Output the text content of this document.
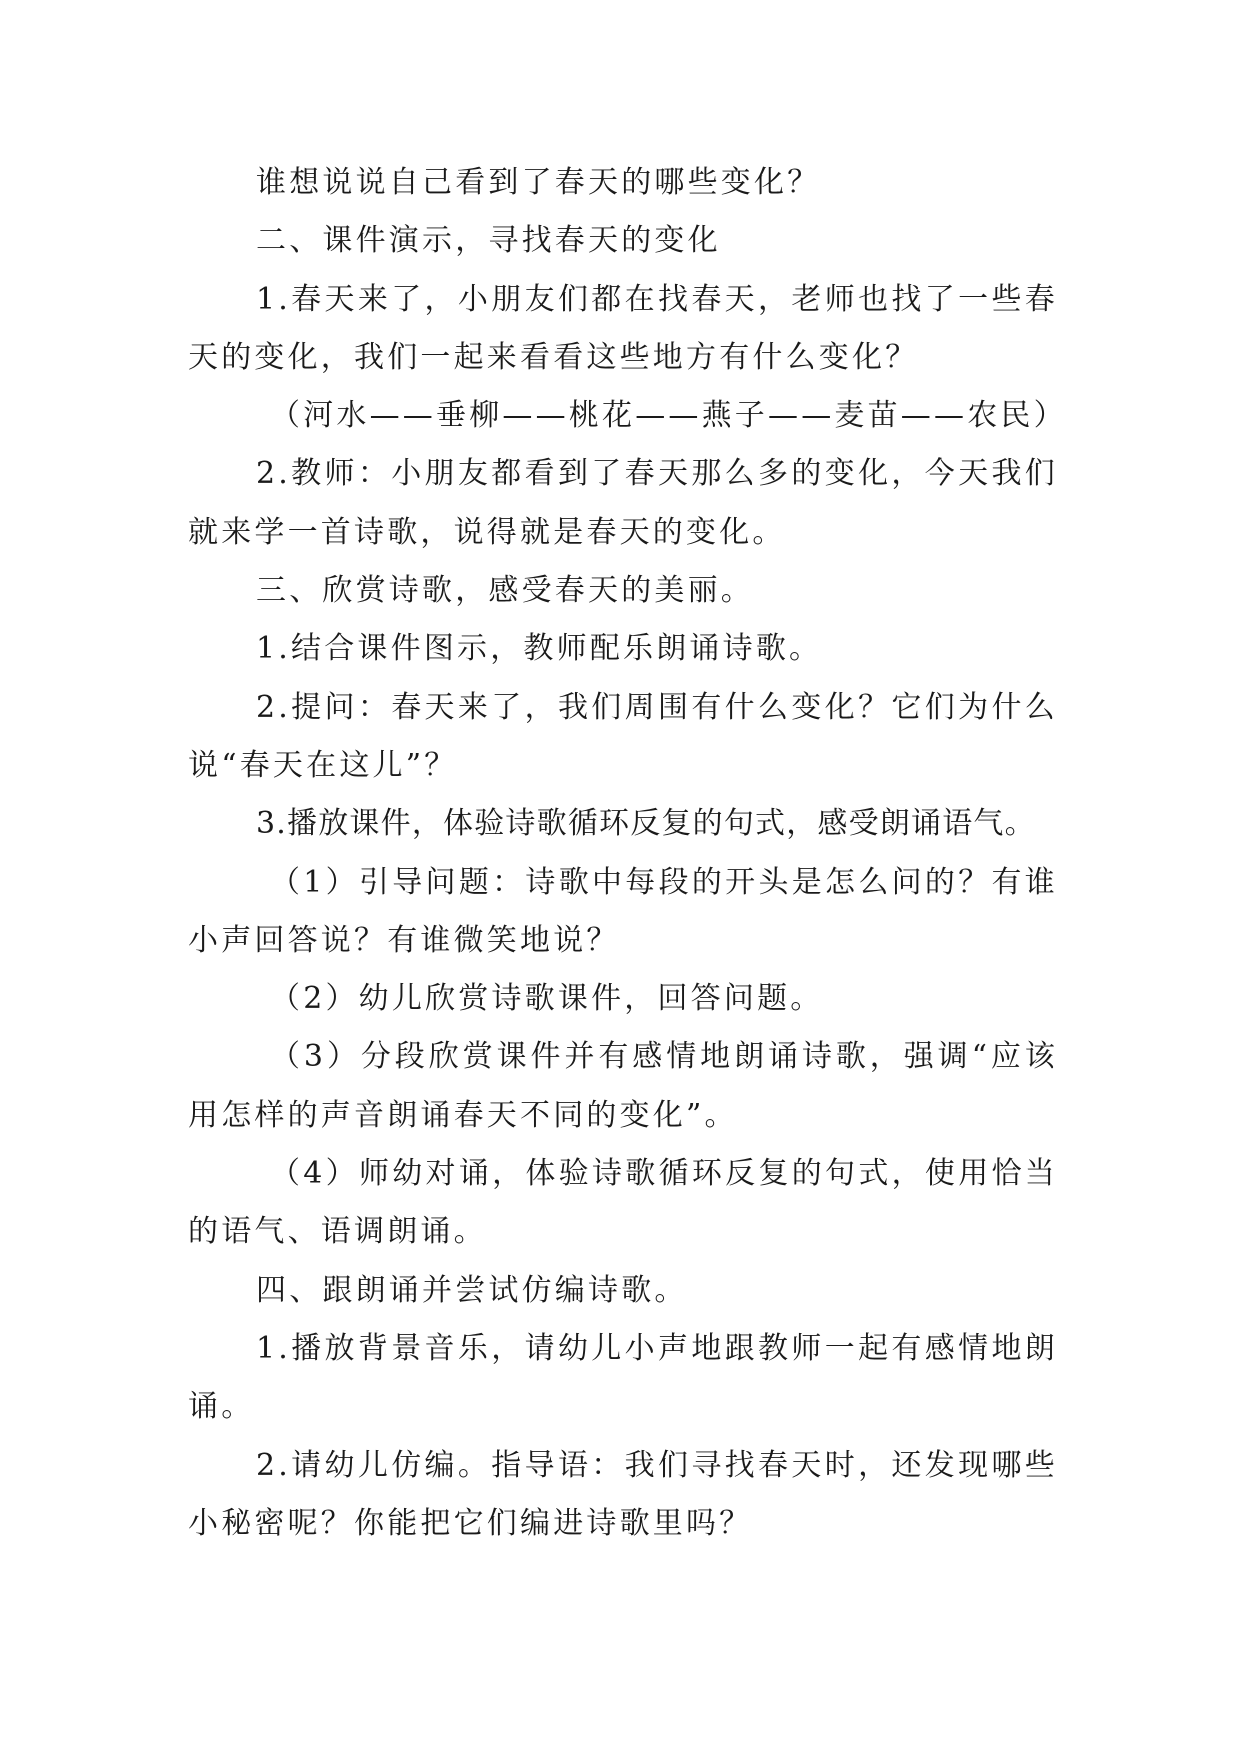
谁想说说自己看到了春天的哪些变化？

二、课件演示，寻找春天的变化

1.春天来了，小朋友们都在找春天，老师也找了一些春天的变化，我们一起来看看这些地方有什么变化？

（河水——垂柳——桃花——燕子——麦苗——农民）

2.教师：小朋友都看到了春天那么多的变化，今天我们就来学一首诗歌，说得就是春天的变化。

三、欣赏诗歌，感受春天的美丽。

1.结合课件图示，教师配乐朗诵诗歌。

2.提问：春天来了，我们周围有什么变化？它们为什么说“春天在这儿”？

3.播放课件，体验诗歌循环反复的句式，感受朗诵语气。

（1）引导问题：诗歌中每段的开头是怎么问的？有谁小声回答说？有谁微笑地说？

（2）幼儿欣赏诗歌课件，回答问题。

（3）分段欣赏课件并有感情地朗诵诗歌，强调“应该用怎样的声音朗诵春天不同的变化”。

（4）师幼对诵，体验诗歌循环反复的句式，使用恰当的语气、语调朗诵。

四、跟朗诵并尝试仿编诗歌。

1.播放背景音乐，请幼儿小声地跟教师一起有感情地朗诵。

2.请幼儿仿编。指导语：我们寻找春天时，还发现哪些小秘密呢？你能把它们编进诗歌里吗？
